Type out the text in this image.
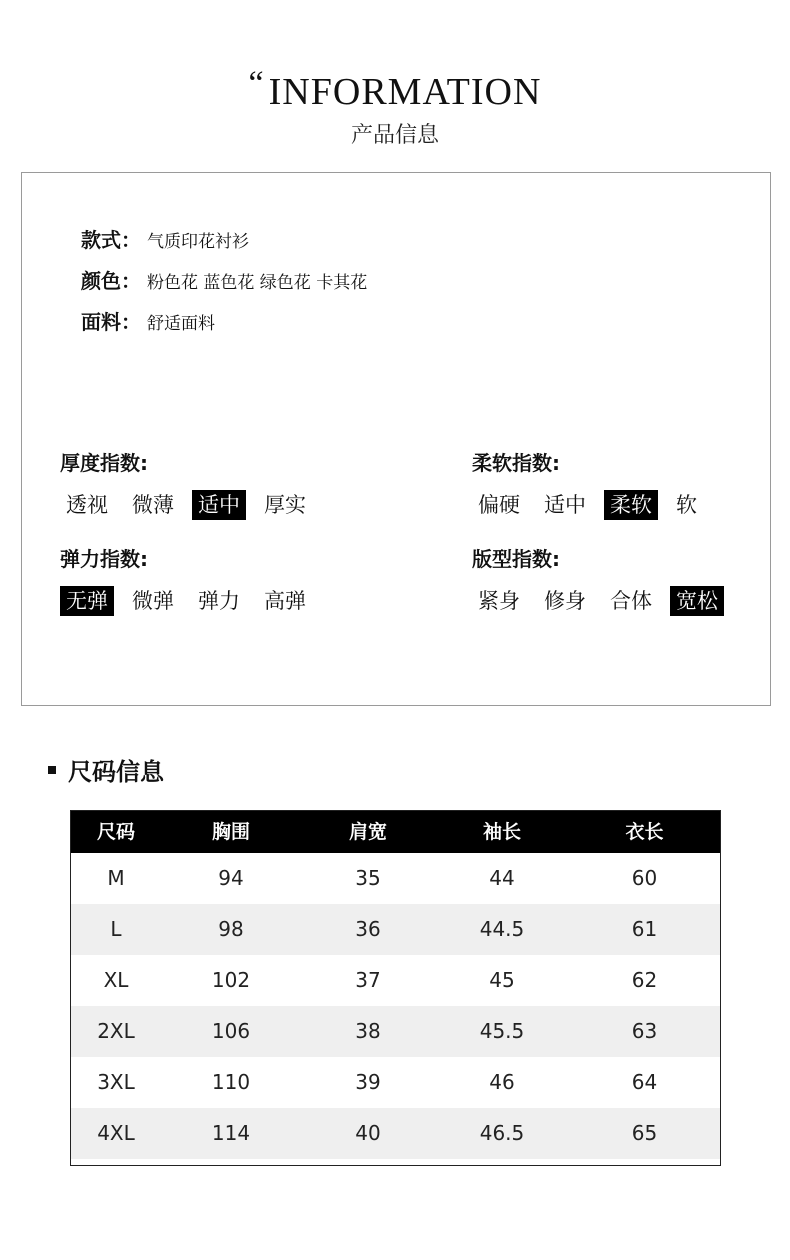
“ INFORMATION
产品信息
款式： 气质印花衬衫
颜色： 粉色花 蓝色花 绿色花 卡其花
面料： 舒适面料
厚度指数:
透视 微薄 适中 厚实
柔软指数:
偏硬 适中 柔软 软
弹力指数:
无弹 微弹 弹力 高弹
版型指数:
紧身 修身 合体 宽松
尺码信息
尺码	胸围	肩宽	袖长	衣长
M	94	35	44	60
L	98	36	44.5	61
XL	102	37	45	62
2XL	106	38	45.5	63
3XL	110	39	46	64
4XL	114	40	46.5	65
